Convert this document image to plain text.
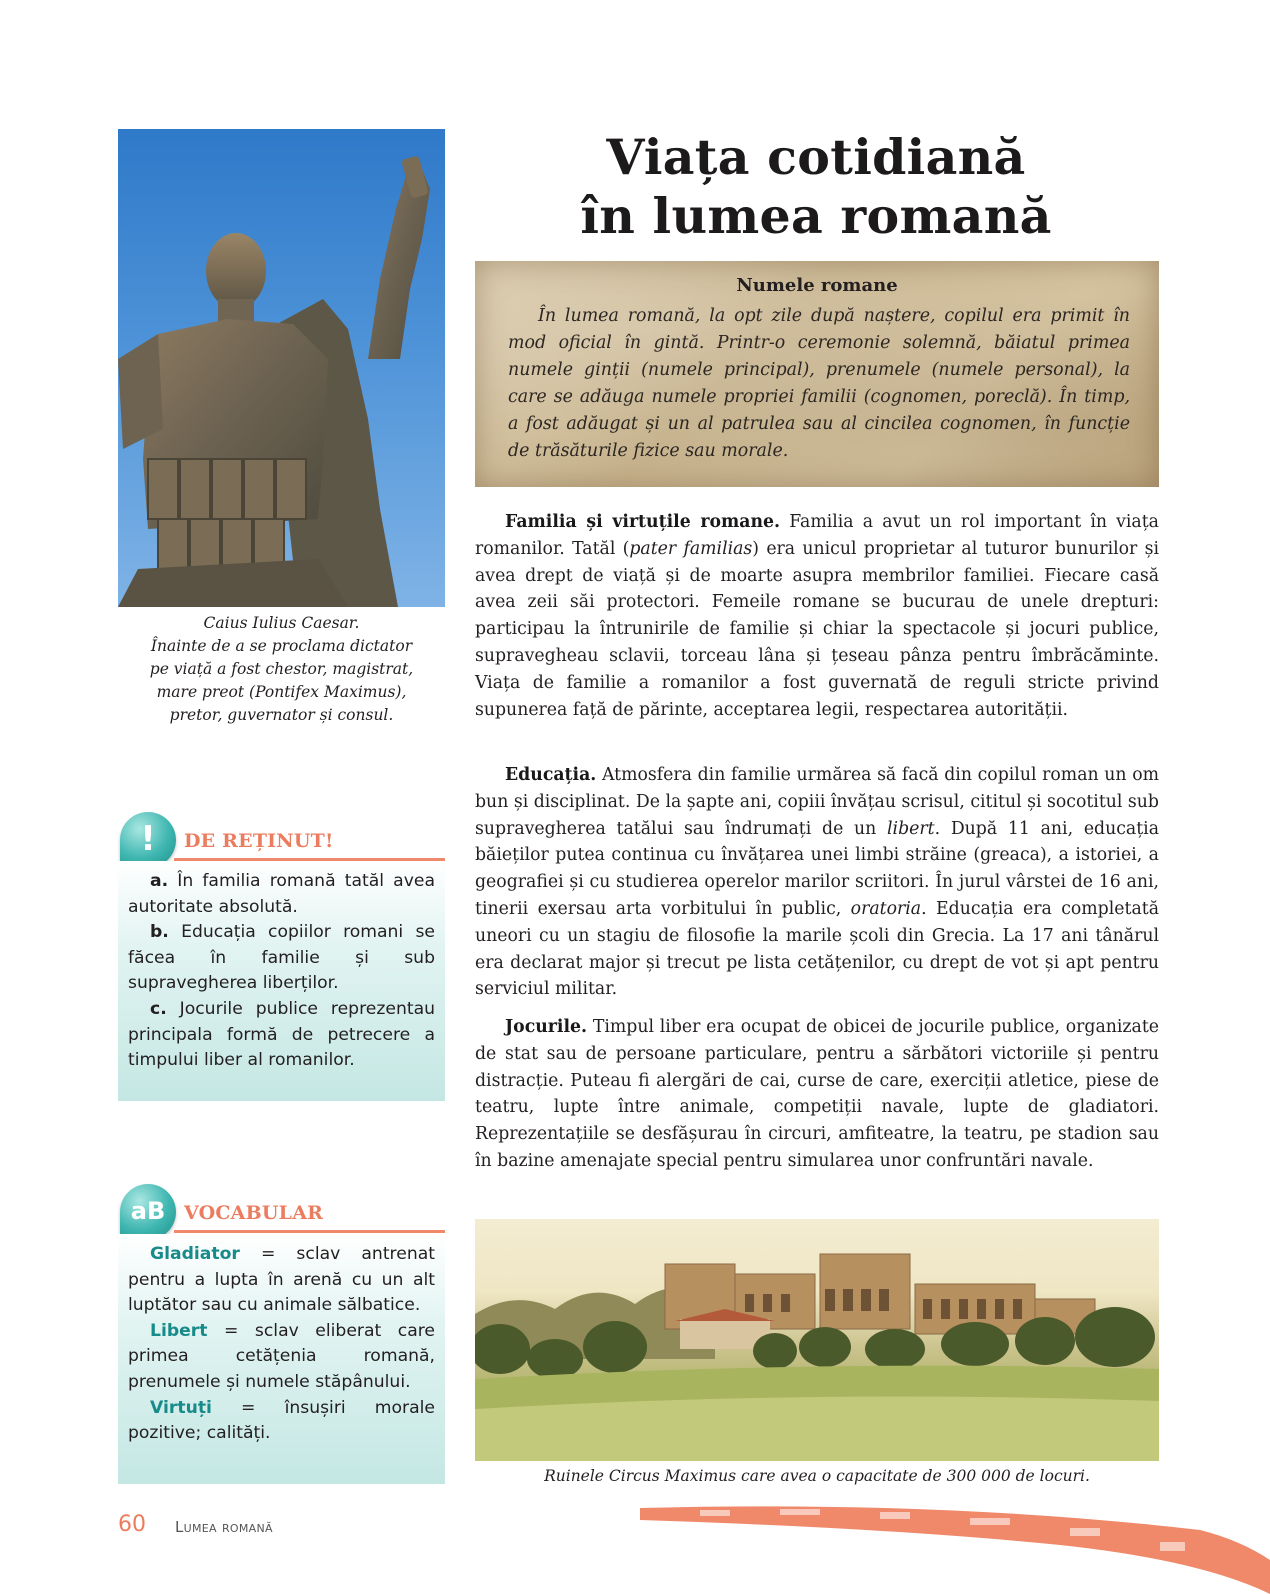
Caius Iulius Caesar.
Înainte de a se proclama dictator
pe viață a fost chestor, magistrat,
mare preot (Pontifex Maximus),
pretor, guvernator și consul.
Viața cotidiană
în lumea romană
Numele romane
În lumea romană, la opt zile după naștere, copilul era primit în mod oficial în gintă. Printr-o ceremonie solemnă, băiatul primea numele ginții (numele principal), prenumele (numele personal), la care se adăuga numele propriei familii (cognomen, poreclă). În timp, a fost adăugat și un al patrulea sau al cincilea cognomen, în funcție de trăsăturile fizice sau morale.

Familia și virtuțile romane. Familia a avut un rol important în viața romanilor. Tatăl (pater familias) era unicul proprietar al tuturor bunurilor și avea drept de viață și de moarte asupra membrilor familiei. Fiecare casă avea zeii săi protectori. Femeile romane se bucurau de unele drepturi: participau la întrunirile de familie și chiar la spectacole și jocuri publice, supravegheau sclavii, torceau lâna și țeseau pânza pentru îmbrăcăminte. Viața de familie a romanilor a fost guvernată de reguli stricte privind supunerea față de părinte, acceptarea legii, respectarea autorității.

Educația. Atmosfera din familie urmărea să facă din copilul roman un om bun și disciplinat. De la șapte ani, copiii învățau scrisul, cititul și socotitul sub supravegherea tatălui sau îndrumați de un libert. După 11 ani, educația băieților putea continua cu învățarea unei limbi străine (greaca), a istoriei, a geografiei și cu studierea operelor marilor scriitori. În jurul vârstei de 16 ani, tinerii exersau arta vorbitului în public, oratoria. Educația era completată uneori cu un stagiu de filosofie la marile școli din Grecia. La 17 ani tânărul era declarat major și trecut pe lista cetățenilor, cu drept de vot și apt pentru serviciul militar.

Jocurile. Timpul liber era ocupat de obicei de jocurile publice, organizate de stat sau de persoane particulare, pentru a sărbători victoriile și pentru distracție. Puteau fi alergări de cai, curse de care, exerciții atletice, piese de teatru, lupte între animale, competiții navale, lupte de gladiatori. Reprezentațiile se desfășurau în circuri, amfiteatre, la teatru, pe stadion sau în bazine amenajate special pentru simularea unor confruntări navale.

!	DE REȚINUT!

a. În familia romană tatăl avea autoritate absolută.

b. Educația copiilor romani se făcea în familie și sub supravegherea liberților.

c. Jocurile publice reprezentau principala formă de petrecere a timpului liber al romanilor.

aB VOCABULAR

Gladiator = sclav antrenat pentru a lupta în arenă cu un alt luptător sau cu animale sălbatice.

Libert = sclav eliberat care primea cetățenia romană, prenumele și numele stăpânului.

Virtuți = însușiri morale pozitive; calități.

Ruinele Circus Maximus care avea o capacitate de 300 000 de locuri.
60 Lumea romană
